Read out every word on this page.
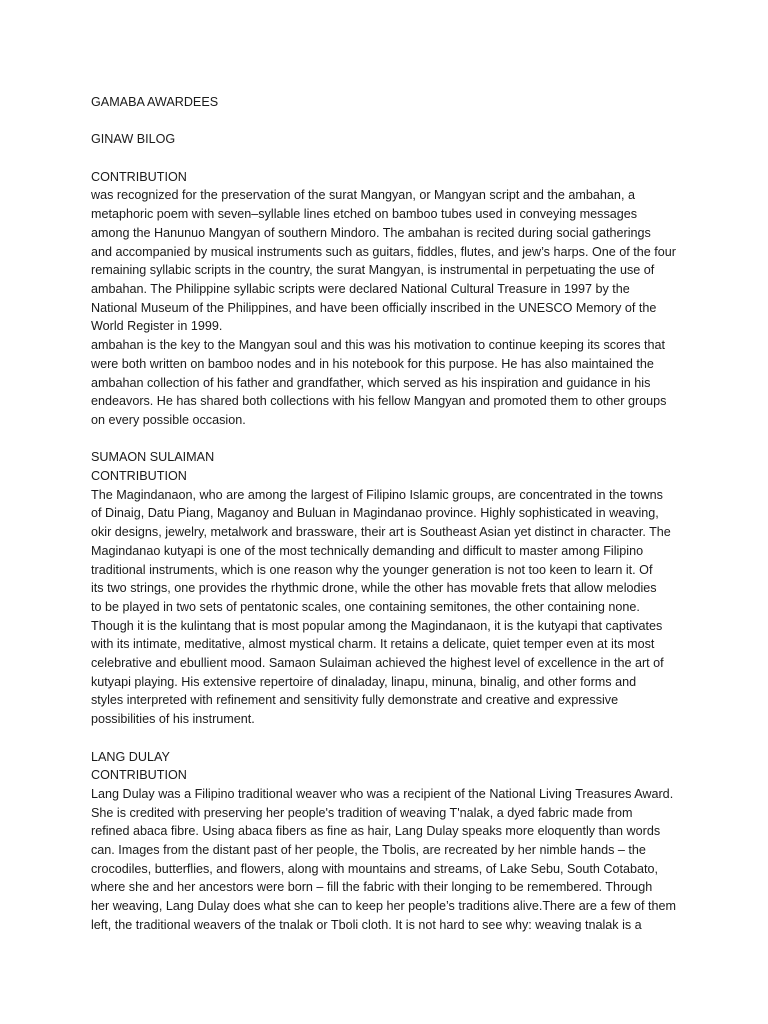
GAMABA AWARDEES
GINAW BILOG
CONTRIBUTION
was recognized for the preservation of the surat Mangyan, or Mangyan script and the ambahan, a
metaphoric poem with seven–syllable lines etched on bamboo tubes used in conveying messages
among the Hanunuo Mangyan of southern Mindoro. The ambahan is recited during social gatherings
and accompanied by musical instruments such as guitars, fiddles, flutes, and jew’s harps. One of the four
remaining syllabic scripts in the country, the surat Mangyan, is instrumental in perpetuating the use of
ambahan. The Philippine syllabic scripts were declared National Cultural Treasure in 1997 by the
National Museum of the Philippines, and have been officially inscribed in the UNESCO Memory of the
World Register in 1999.
ambahan is the key to the Mangyan soul and this was his motivation to continue keeping its scores that
were both written on bamboo nodes and in his notebook for this purpose. He has also maintained the
ambahan collection of his father and grandfather, which served as his inspiration and guidance in his
endeavors. He has shared both collections with his fellow Mangyan and promoted them to other groups
on every possible occasion.
SUMAON SULAIMAN
CONTRIBUTION
The Magindanaon, who are among the largest of Filipino Islamic groups, are concentrated in the towns
of Dinaig, Datu Piang, Maganoy and Buluan in Magindanao province. Highly sophisticated in weaving,
okir designs, jewelry, metalwork and brassware, their art is Southeast Asian yet distinct in character. The
Magindanao kutyapi is one of the most technically demanding and difficult to master among Filipino
traditional instruments, which is one reason why the younger generation is not too keen to learn it. Of
its two strings, one provides the rhythmic drone, while the other has movable frets that allow melodies
to be played in two sets of pentatonic scales, one containing semitones, the other containing none.
Though it is the kulintang that is most popular among the Magindanaon, it is the kutyapi that captivates
with its intimate, meditative, almost mystical charm. It retains a delicate, quiet temper even at its most
celebrative and ebullient mood. Samaon Sulaiman achieved the highest level of excellence in the art of
kutyapi playing. His extensive repertoire of dinaladay, linapu, minuna, binalig, and other forms and
styles interpreted with refinement and sensitivity fully demonstrate and creative and expressive
possibilities of his instrument.
LANG DULAY
CONTRIBUTION
Lang Dulay was a Filipino traditional weaver who was a recipient of the National Living Treasures Award.
She is credited with preserving her people's tradition of weaving T'nalak, a dyed fabric made from
refined abaca fibre. Using abaca fibers as fine as hair, Lang Dulay speaks more eloquently than words
can. Images from the distant past of her people, the Tbolis, are recreated by her nimble hands – the
crocodiles, butterflies, and flowers, along with mountains and streams, of Lake Sebu, South Cotabato,
where she and her ancestors were born – fill the fabric with their longing to be remembered. Through
her weaving, Lang Dulay does what she can to keep her people’s traditions alive.There are a few of them
left, the traditional weavers of the tnalak or Tboli cloth. It is not hard to see why: weaving tnalak is a
